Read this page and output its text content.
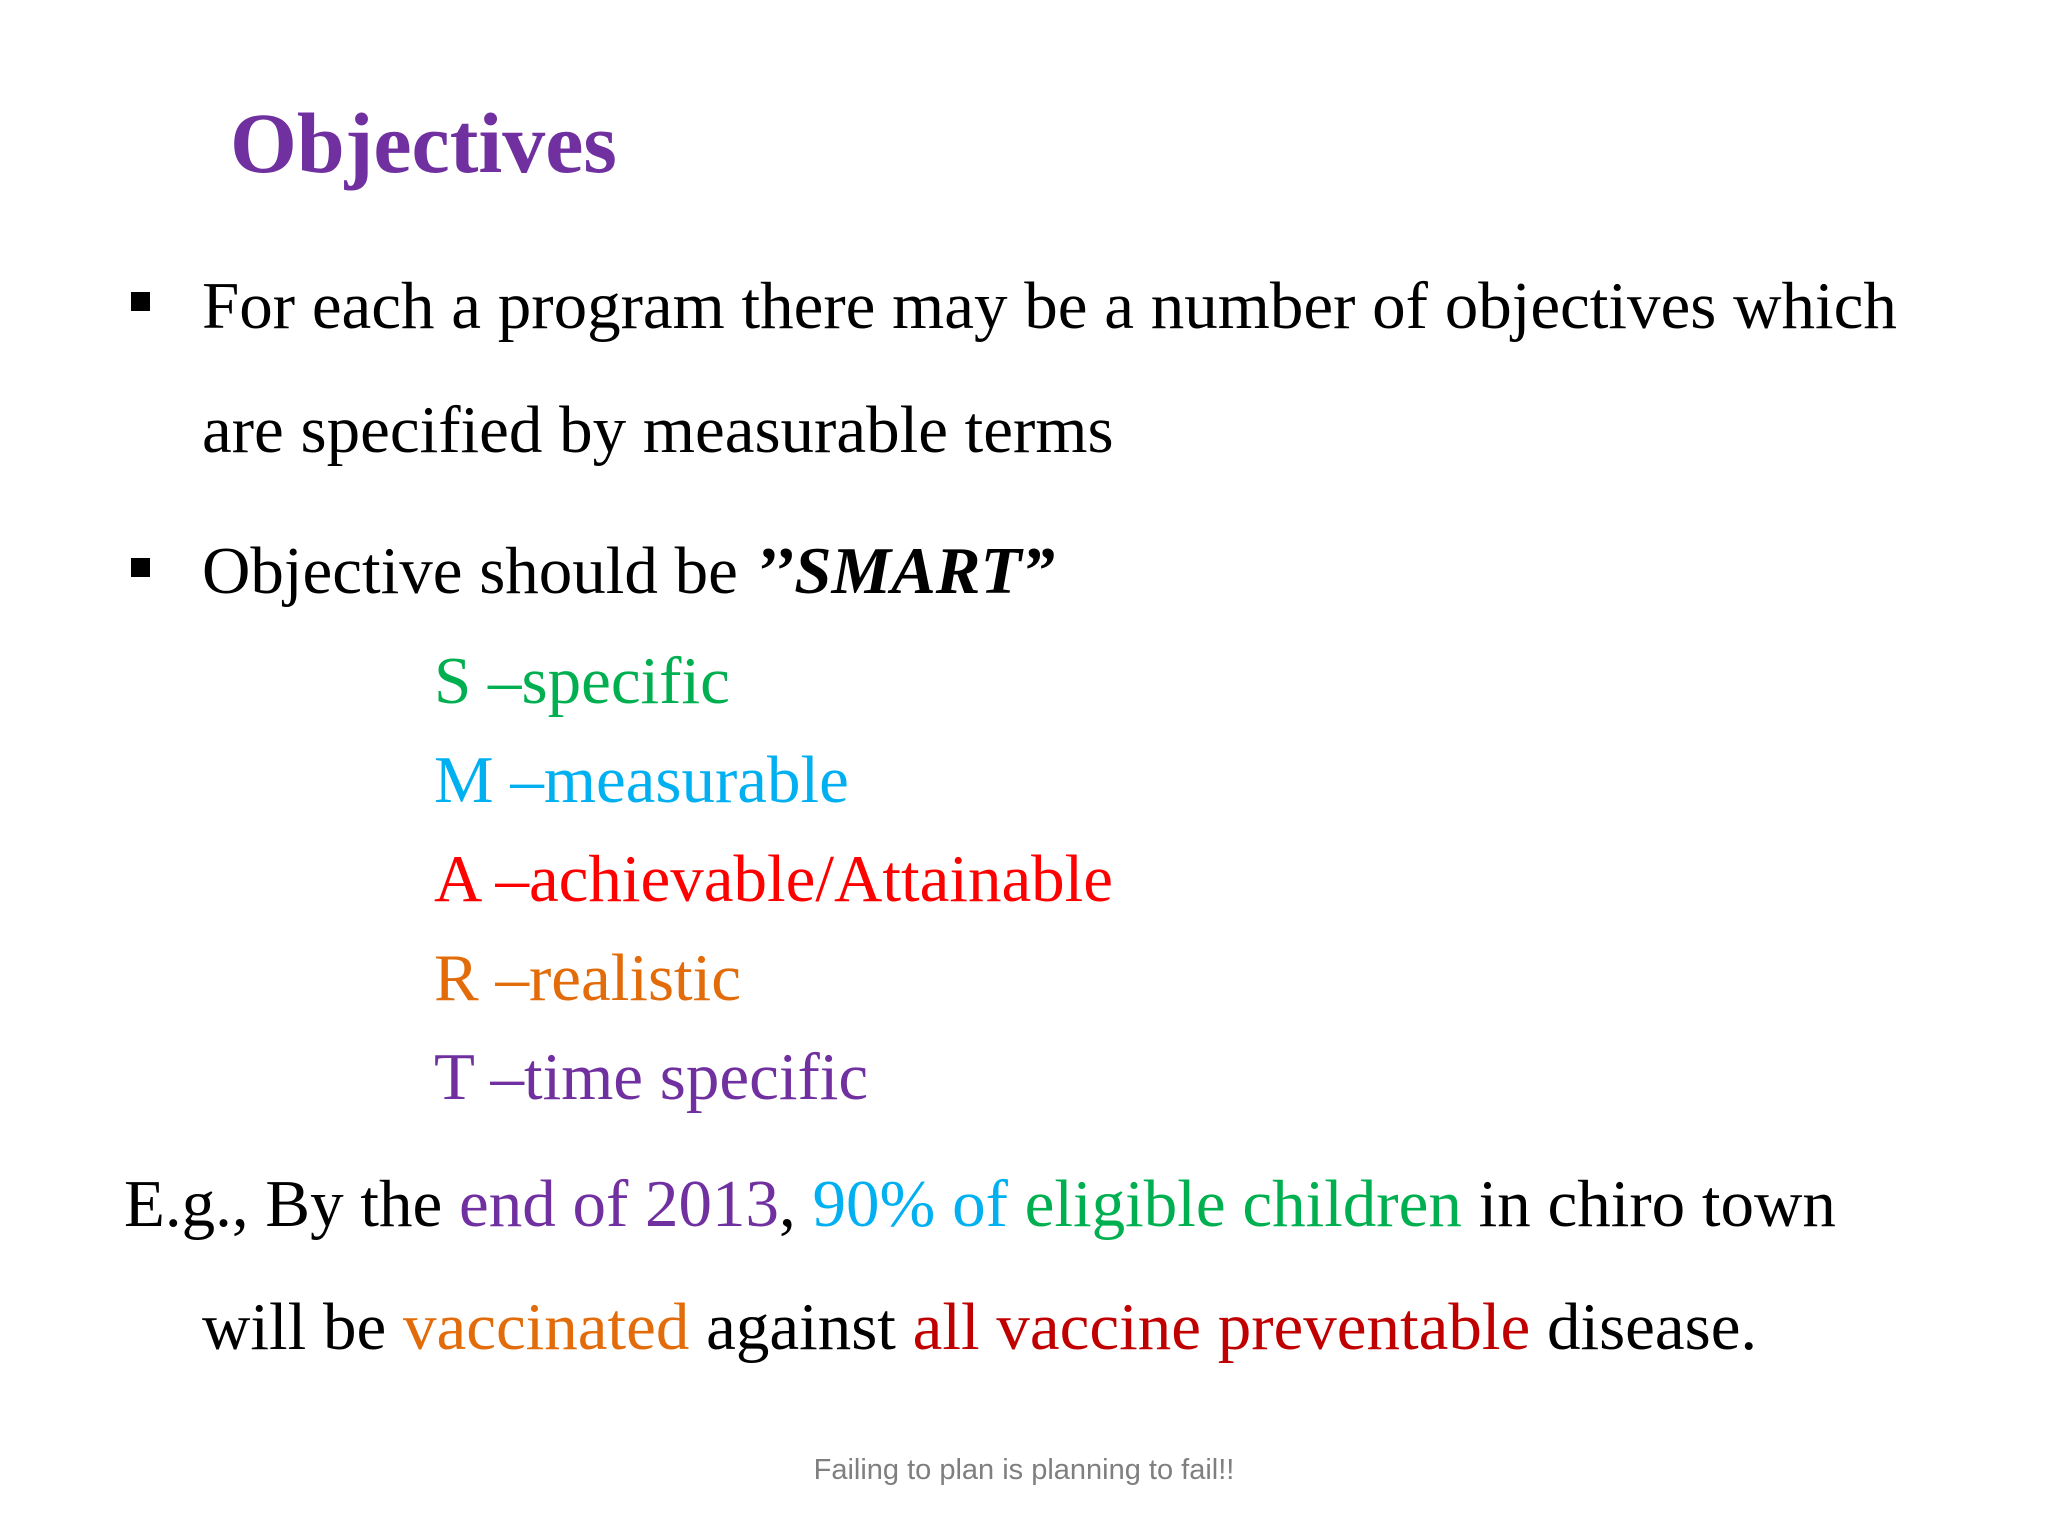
Objectives
For each a program there may be a number of objectives which
are specified by measurable terms
Objective should be ’’SMART”
S –specific
M –measurable
A –achievable/Attainable
R –realistic
T –time specific
E.g., By the end of 2013, 90% of eligible children in chiro town
will be vaccinated against all vaccine preventable disease.
Failing to plan is planning to fail!!
